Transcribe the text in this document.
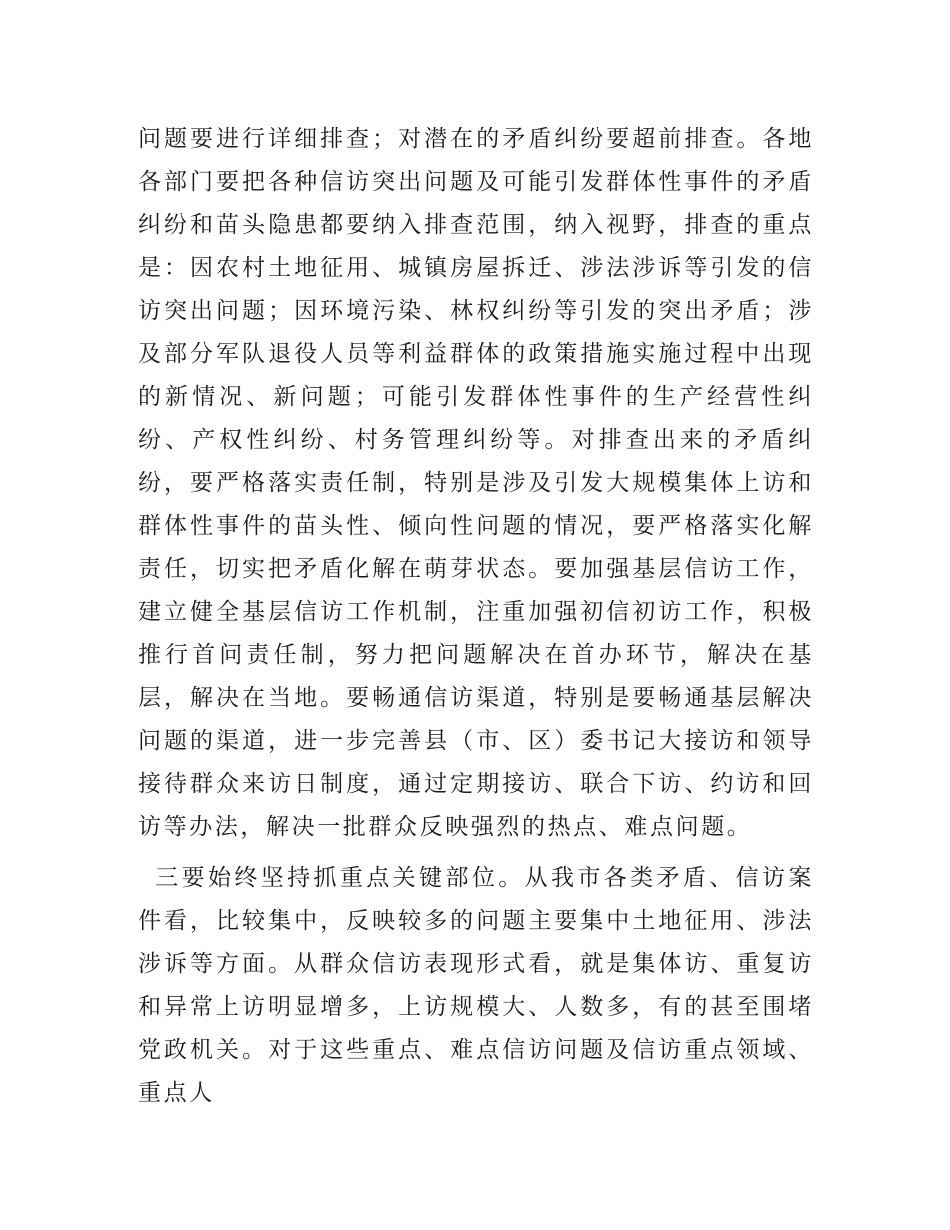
问题要进行详细排查；对潜在的矛盾纠纷要超前排查。各地各部门要把各种信访突出问题及可能引发群体性事件的矛盾纠纷和苗头隐患都要纳入排查范围，纳入视野，排查的重点是：因农村土地征用、城镇房屋拆迁、涉法涉诉等引发的信访突出问题；因环境污染、林权纠纷等引发的突出矛盾；涉及部分军队退役人员等利益群体的政策措施实施过程中出现的新情况、新问题；可能引发群体性事件的生产经营性纠纷、产权性纠纷、村务管理纠纷等。对排查出来的矛盾纠纷，要严格落实责任制，特别是涉及引发大规模集体上访和群体性事件的苗头性、倾向性问题的情况，要严格落实化解责任，切实把矛盾化解在萌芽状态。要加强基层信访工作，建立健全基层信访工作机制，注重加强初信初访工作，积极推行首问责任制，努力把问题解决在首办环节，解决在基层，解决在当地。要畅通信访渠道，特别是要畅通基层解决问题的渠道，进一步完善县（市、区）委书记大接访和领导接待群众来访日制度，通过定期接访、联合下访、约访和回访等办法，解决一批群众反映强烈的热点、难点问题。

三要始终坚持抓重点关键部位。从我市各类矛盾、信访案件看，比较集中，反映较多的问题主要集中土地征用、涉法涉诉等方面。从群众信访表现形式看，就是集体访、重复访和异常上访明显增多，上访规模大、人数多，有的甚至围堵党政机关。对于这些重点、难点信访问题及信访重点领域、重点人
